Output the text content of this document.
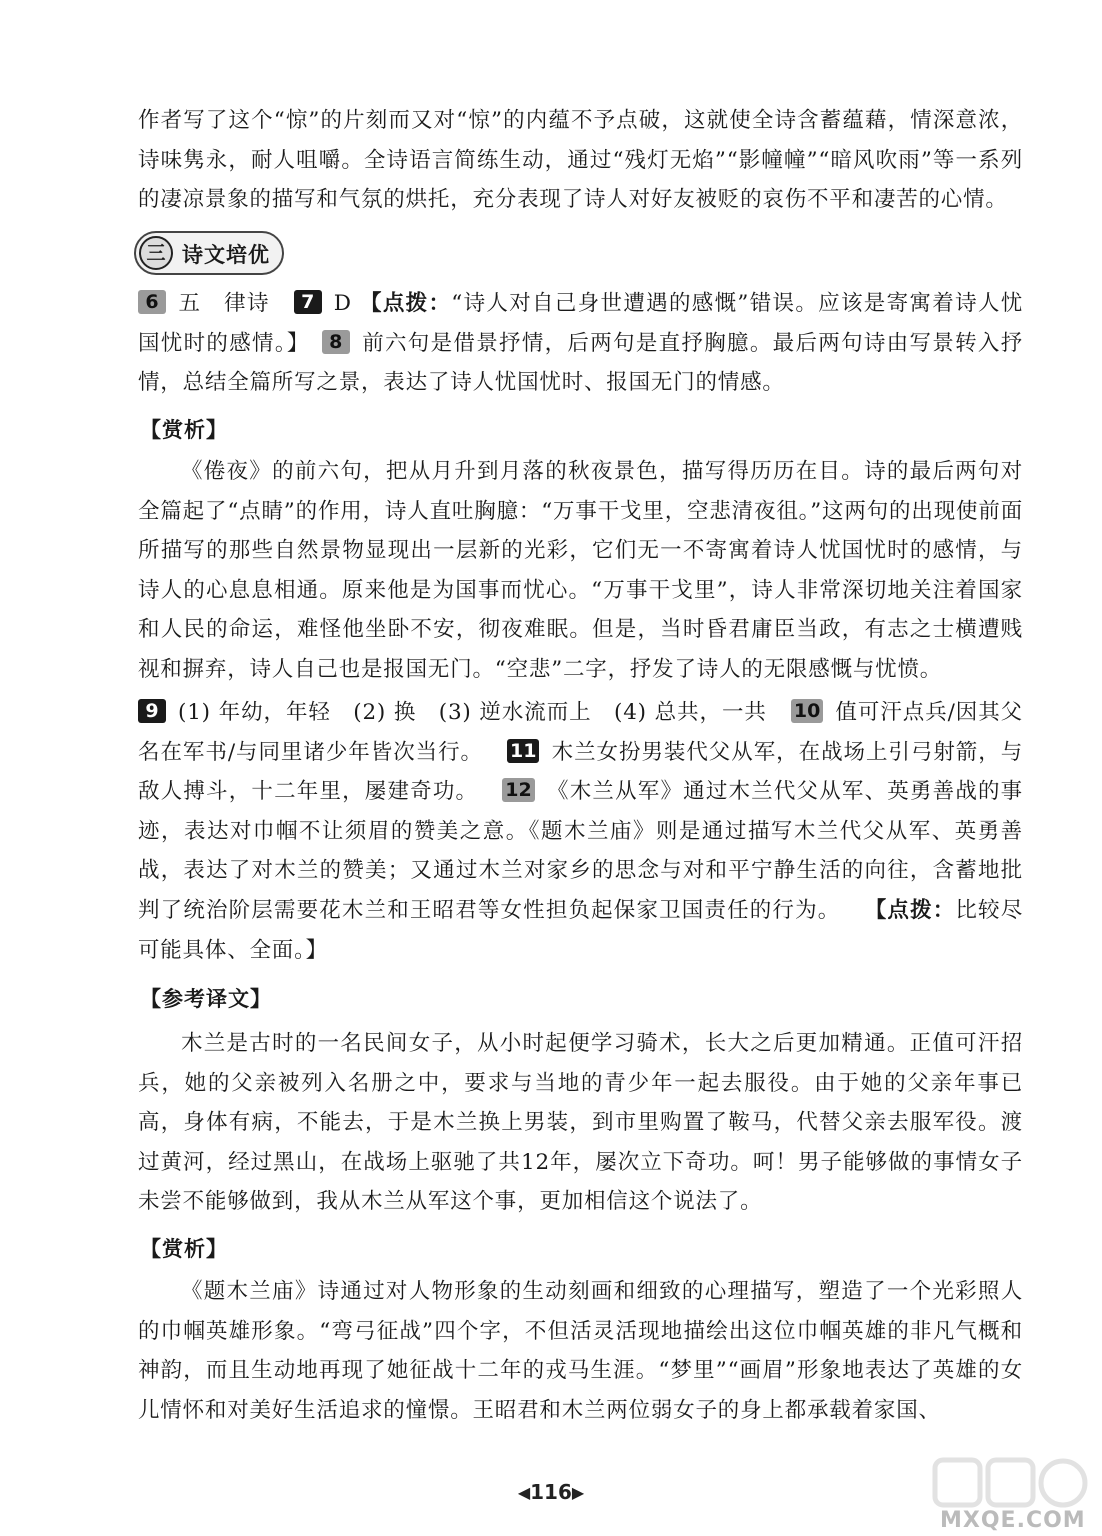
作者写了这个“惊”的片刻而又对“惊”的内蕴不予点破，这就使全诗含蓄蕴藉，情深意浓，诗味隽永，耐人咀嚼。全诗语言简练生动，通过“残灯无焰”“影幢幢”“暗风吹雨”等一系列的凄凉景象的描写和气氛的烘托，充分表现了诗人对好友被贬的哀伤不平和凄苦的心情。
三 诗文培优
6 五　律诗 7 D 【点拨：“诗人对自己身世遭遇的感慨”错误。应该是寄寓着诗人忧国忧时的感情。】 8 前六句是借景抒情，后两句是直抒胸臆。最后两句诗由写景转入抒情，总结全篇所写之景，表达了诗人忧国忧时、报国无门的情感。
【赏析】
《倦夜》的前六句，把从月升到月落的秋夜景色，描写得历历在目。诗的最后两句对全篇起了“点睛”的作用，诗人直吐胸臆：“万事干戈里，空悲清夜徂。”这两句的出现使前面所描写的那些自然景物显现出一层新的光彩，它们无一不寄寓着诗人忧国忧时的感情，与诗人的心息息相通。原来他是为国事而忧心。“万事干戈里”，诗人非常深切地关注着国家和人民的命运，难怪他坐卧不安，彻夜难眠。但是，当时昏君庸臣当政，有志之士横遭贱视和摒弃，诗人自己也是报国无门。“空悲”二字，抒发了诗人的无限感慨与忧愤。
9 (1) 年幼，年轻　(2) 换　(3) 逆水流而上　(4) 总共，一共 10 值可汗点兵/因其父名在军书/与同里诸少年皆次当行。 11 木兰女扮男装代父从军，在战场上引弓射箭，与敌人搏斗，十二年里，屡建奇功。 12 《木兰从军》通过木兰代父从军、英勇善战的事迹，表达对巾帼不让须眉的赞美之意。《题木兰庙》则是通过描写木兰代父从军、英勇善战，表达了对木兰的赞美；又通过木兰对家乡的思念与对和平宁静生活的向往，含蓄地批判了统治阶层需要花木兰和王昭君等女性担负起保家卫国责任的行为。 【点拨：比较尽可能具体、全面。】
【参考译文】
木兰是古时的一名民间女子，从小时起便学习骑术，长大之后更加精通。正值可汗招兵，她的父亲被列入名册之中，要求与当地的青少年一起去服役。由于她的父亲年事已高，身体有病，不能去，于是木兰换上男装，到市里购置了鞍马，代替父亲去服军役。渡过黄河，经过黑山，在战场上驱驰了共12年，屡次立下奇功。呵！男子能够做的事情女子未尝不能够做到，我从木兰从军这个事，更加相信这个说法了。
【赏析】
《题木兰庙》诗通过对人物形象的生动刻画和细致的心理描写，塑造了一个光彩照人的巾帼英雄形象。“弯弓征战”四个字，不但活灵活现地描绘出这位巾帼英雄的非凡气概和神韵，而且生动地再现了她征战十二年的戎马生涯。“梦里”“画眉”形象地表达了英雄的女儿情怀和对美好生活追求的憧憬。王昭君和木兰两位弱女子的身上都承载着家国、
◀116▶
MXQE.COM
